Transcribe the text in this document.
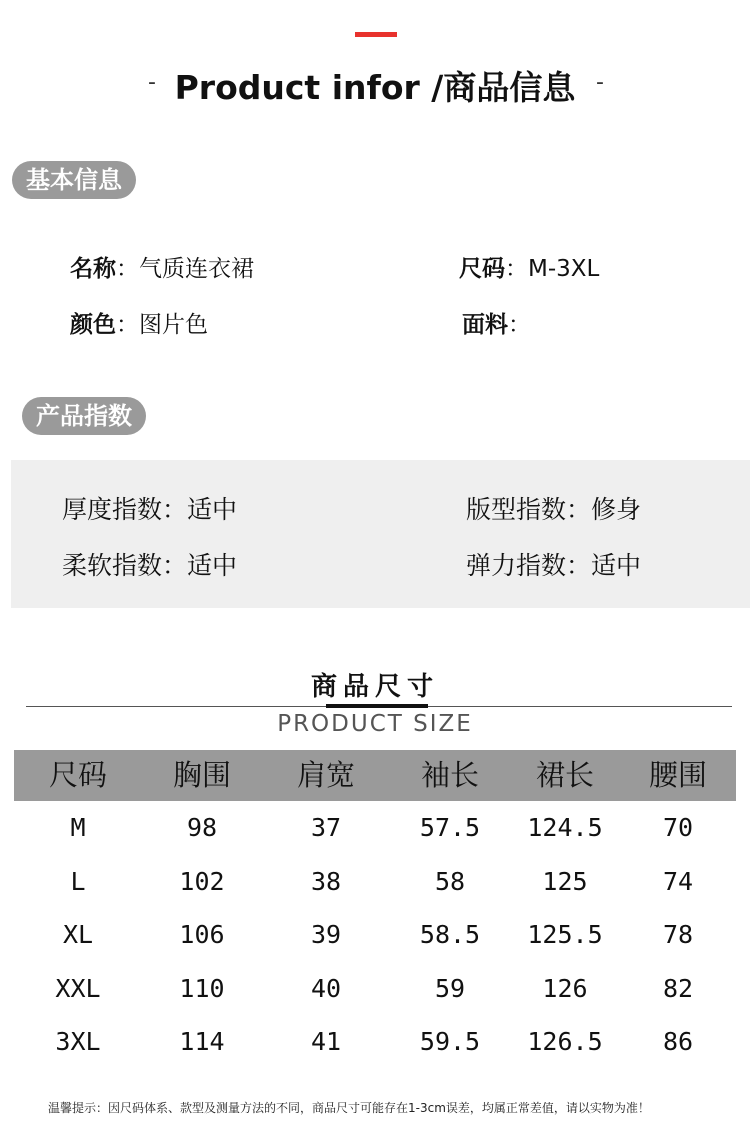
- Product infor /商品信息 -
基本信息
名称：气质连衣裙	尺码：M-3XL
颜色：图片色	面料：
产品指数
厚度指数：适中	版型指数：修身
柔软指数：适中	弹力指数：适中
商品尺寸
PRODUCT SIZE
尺码	胸围	肩宽	袖长	裙长	腰围
M	98	37	57.5	124.5	70
L	102	38	58	125	74
XL	106	39	58.5	125.5	78
XXL	110	40	59	126	82
3XL	114	41	59.5	126.5	86
温馨提示：因尺码体系、款型及测量方法的不同，商品尺寸可能存在1-3cm误差，均属正常差值，请以实物为准！
